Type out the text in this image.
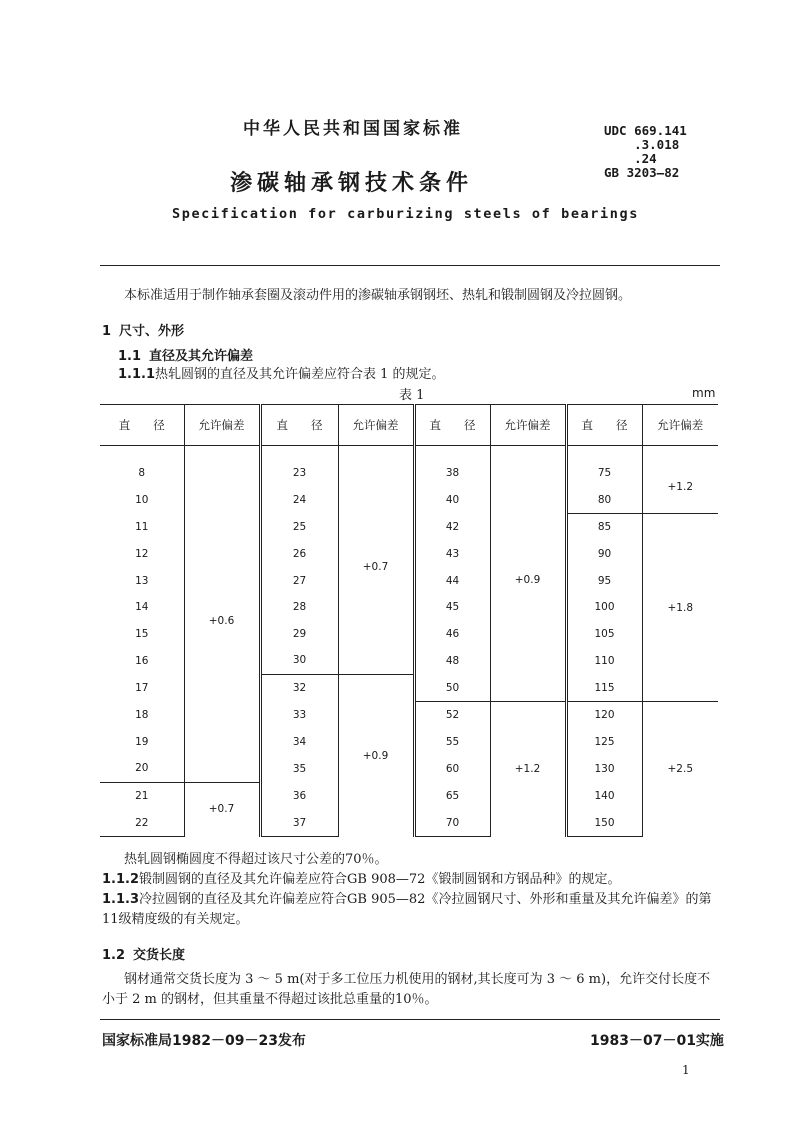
中华人民共和国国家标准
渗碳轴承钢技术条件
Specification for carburizing steels of bearings
UDC 669.141
.3.018
.24
GB 3203—82
本标准适用于制作轴承套圈及滚动件用的渗碳轴承钢钢坯、热轧和锻制圆钢及冷拉圆钢。
1 尺寸、外形
1.1 直径及其允许偏差
1.1.1热轧圆钢的直径及其允许偏差应符合表 1 的规定。
表 1	mm
直　　径	允许偏差	直　　径	允许偏差	直　　径	允许偏差	直　　径	允许偏差
8	+0.6	23	+0.7	38	+0.9	75	+1.2
10		24		40		80	
11		25		42		85	+1.8
12		26		43		90	
13		27		44		95	
14		28		45		100	
15		29		46		105	
16		30		48		110	
17		32	+0.9	50		115	
18		33		52	+1.2	120	+2.5
19		34		55		125	
20		35		60		130	
21	+0.7	36		65		140	
22		37		70		150	
热轧圆钢椭圆度不得超过该尺寸公差的70％。
1.1.2锻制圆钢的直径及其允许偏差应符合GB 908—72《锻制圆钢和方钢品种》的规定。
1.1.3冷拉圆钢的直径及其允许偏差应符合GB 905—82《冷拉圆钢尺寸、外形和重量及其允许偏差》的第11级精度级的有关规定。
1.2 交货长度
钢材通常交货长度为 3 ～ 5 m(对于多工位压力机使用的钢材,其长度可为 3 ～ 6 m)，允许交付长度不小于 2 m 的钢材，但其重量不得超过该批总重量的10％。
国家标准局1982－09－23发布	1983－07－01实施
1
